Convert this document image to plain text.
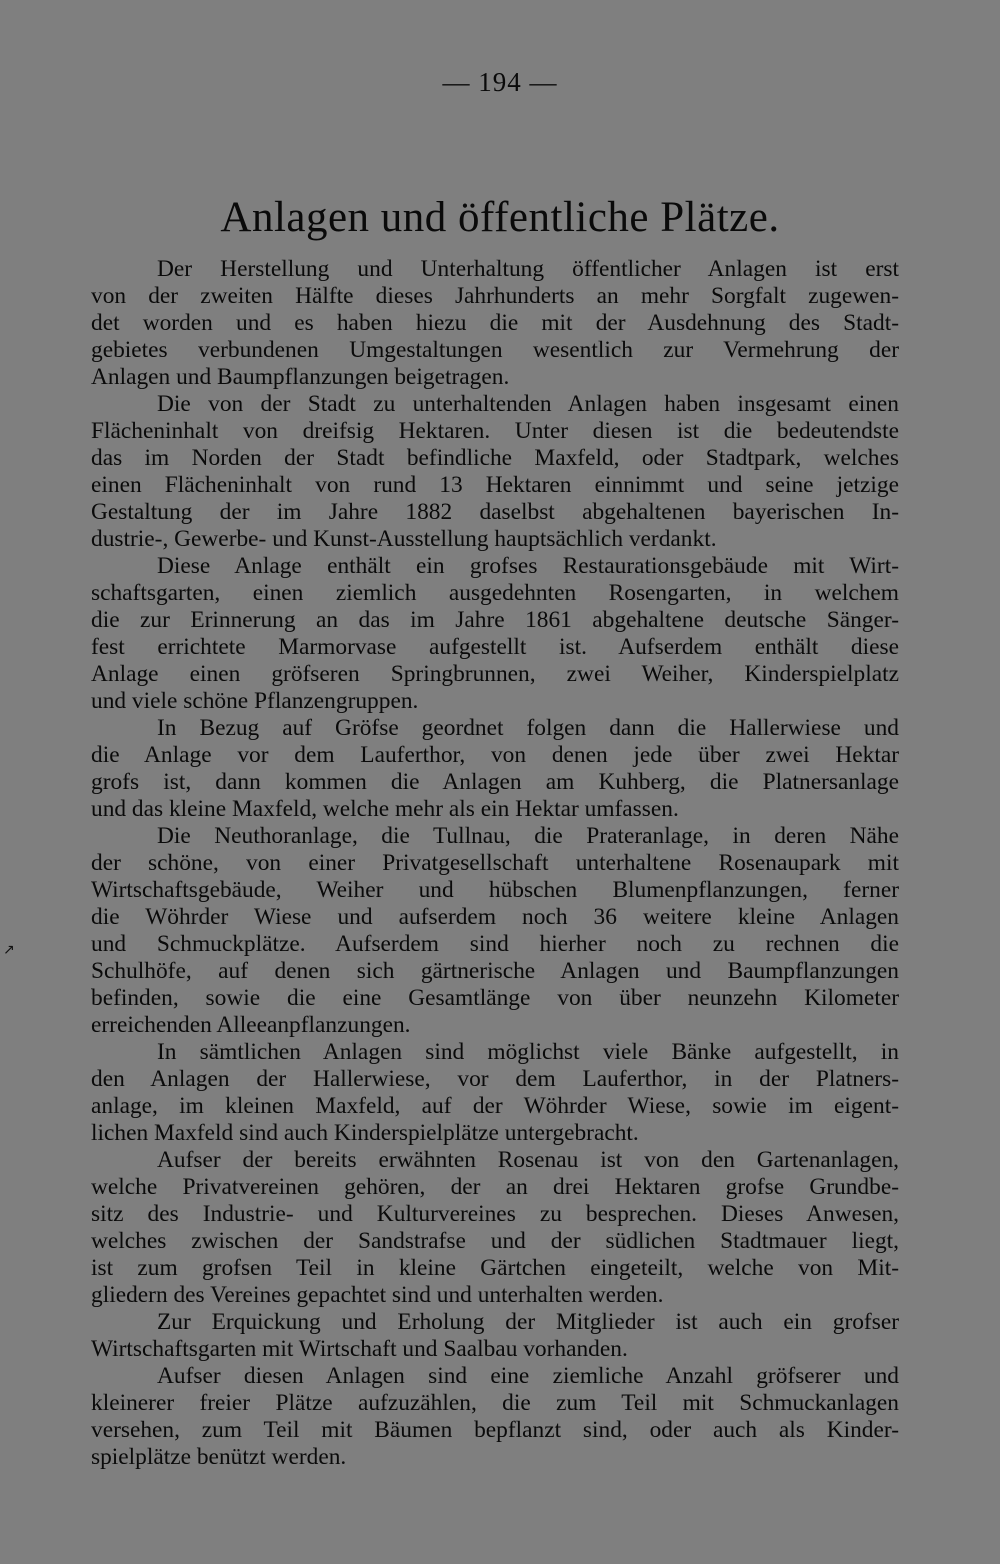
— 194 —
Anlagen und öffentliche Plätze.
↗
Der Herstellung und Unterhaltung öffentlicher Anlagen ist erst
von der zweiten Hälfte dieses Jahrhunderts an mehr Sorgfalt zugewen-
det worden und es haben hiezu die mit der Ausdehnung des Stadt-
gebietes verbundenen Umgestaltungen wesentlich zur Vermehrung der
Anlagen und Baumpflanzungen beigetragen.
Die von der Stadt zu unterhaltenden Anlagen haben insgesamt einen
Flächeninhalt von dreifsig Hektaren. Unter diesen ist die bedeutendste
das im Norden der Stadt befindliche Maxfeld, oder Stadtpark, welches
einen Flächeninhalt von rund 13 Hektaren einnimmt und seine jetzige
Gestaltung der im Jahre 1882 daselbst abgehaltenen bayerischen In-
dustrie-, Gewerbe- und Kunst-Ausstellung hauptsächlich verdankt.
Diese Anlage enthält ein grofses Restaurationsgebäude mit Wirt-
schaftsgarten, einen ziemlich ausgedehnten Rosengarten, in welchem
die zur Erinnerung an das im Jahre 1861 abgehaltene deutsche Sänger-
fest errichtete Marmorvase aufgestellt ist. Aufserdem enthält diese
Anlage einen gröfseren Springbrunnen, zwei Weiher, Kinderspielplatz
und viele schöne Pflanzengruppen.
In Bezug auf Gröfse geordnet folgen dann die Hallerwiese und
die Anlage vor dem Lauferthor, von denen jede über zwei Hektar
grofs ist, dann kommen die Anlagen am Kuhberg, die Platnersanlage
und das kleine Maxfeld, welche mehr als ein Hektar umfassen.
Die Neuthoranlage, die Tullnau, die Prateranlage, in deren Nähe
der schöne, von einer Privatgesellschaft unterhaltene Rosenaupark mit
Wirtschaftsgebäude, Weiher und hübschen Blumenpflanzungen, ferner
die Wöhrder Wiese und aufserdem noch 36 weitere kleine Anlagen
und Schmuckplätze. Aufserdem sind hierher noch zu rechnen die
Schulhöfe, auf denen sich gärtnerische Anlagen und Baumpflanzungen
befinden, sowie die eine Gesamtlänge von über neunzehn Kilometer
erreichenden Alleeanpflanzungen.
In sämtlichen Anlagen sind möglichst viele Bänke aufgestellt, in
den Anlagen der Hallerwiese, vor dem Lauferthor, in der Platners-
anlage, im kleinen Maxfeld, auf der Wöhrder Wiese, sowie im eigent-
lichen Maxfeld sind auch Kinderspielplätze untergebracht.
Aufser der bereits erwähnten Rosenau ist von den Gartenanlagen,
welche Privatvereinen gehören, der an drei Hektaren grofse Grundbe-
sitz des Industrie- und Kulturvereines zu besprechen. Dieses Anwesen,
welches zwischen der Sandstrafse und der südlichen Stadtmauer liegt,
ist zum grofsen Teil in kleine Gärtchen eingeteilt, welche von Mit-
gliedern des Vereines gepachtet sind und unterhalten werden.
Zur Erquickung und Erholung der Mitglieder ist auch ein grofser
Wirtschaftsgarten mit Wirtschaft und Saalbau vorhanden.
Aufser diesen Anlagen sind eine ziemliche Anzahl gröfserer und
kleinerer freier Plätze aufzuzählen, die zum Teil mit Schmuckanlagen
versehen, zum Teil mit Bäumen bepflanzt sind, oder auch als Kinder-
spielplätze benützt werden.
